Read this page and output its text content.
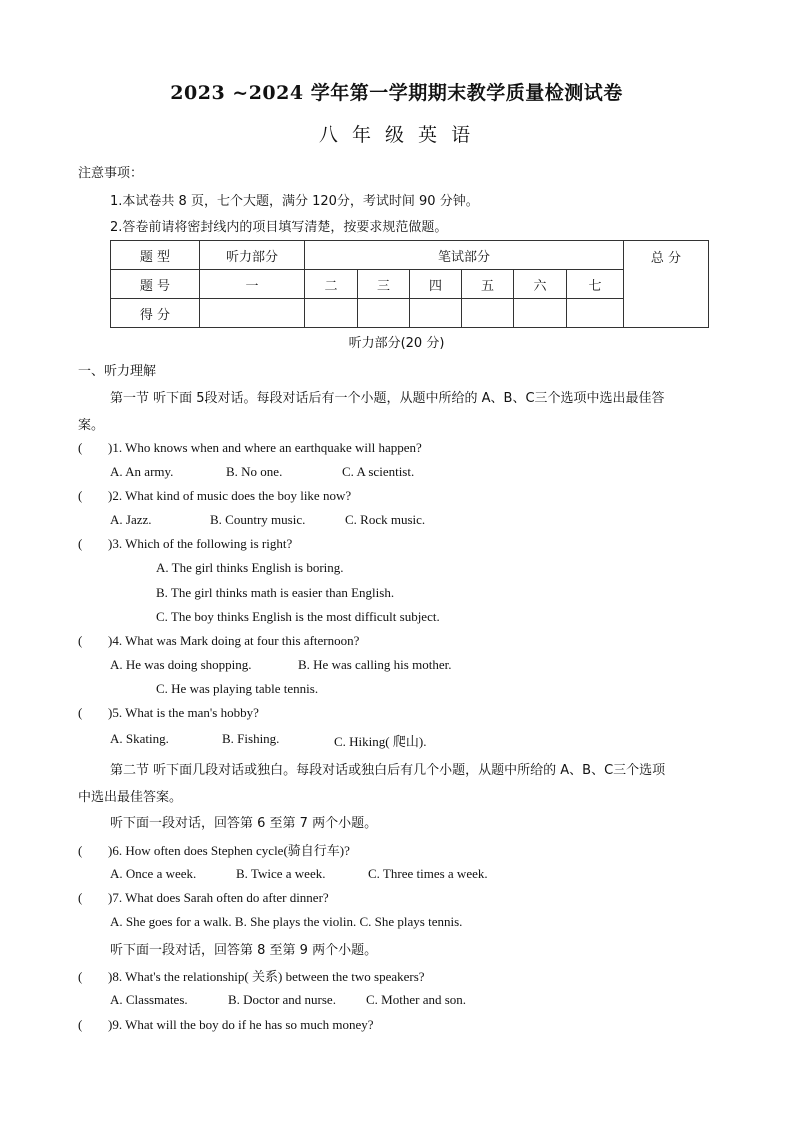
2023 ~2024 学年第一学期期末教学质量检测试卷
八 年 级 英 语
注意事项：
1.本试卷共 8 页，七个大题，满分 120分，考试时间 90 分钟。
2.答卷前请将密封线内的项目填写清楚，按要求规范做题。
题 型	听力部分	笔试部分						总 分
题 号	一	二	三	四	五	六	七	
得 分								
听力部分(20 分)
一、听力理解
第一节 听下面 5段对话。每段对话后有一个小题，从题中所给的 A、B、C三个选项中选出最佳答
案。
( )1. Who knows when and where an earthquake will happen?
A. An army.	B. No one.	C. A scientist.
( )2. What kind of music does the boy like now?
A. Jazz.	B. Country music.	C. Rock music.
( )3. Which of the following is right?
A. The girl thinks English is boring.
B. The girl thinks math is easier than English.
C. The boy thinks English is the most difficult subject.
( )4. What was Mark doing at four this afternoon?
A. He was doing shopping.	B. He was calling his mother.
C. He was playing table tennis.
( )5. What is the man's hobby?
A. Skating.	B. Fishing.	C. Hiking( 爬山).
第二节 听下面几段对话或独白。每段对话或独白后有几个小题，从题中所给的 A、B、C三个选项
中选出最佳答案。
听下面一段对话，回答第 6 至第 7 两个小题。
( )6. How often does Stephen cycle(骑自行车)?
A. Once a week.	B. Twice a week.	C. Three times a week.
( )7. What does Sarah often do after dinner?
A. She goes for a walk. B. She plays the violin. C. She plays tennis.
听下面一段对话，回答第 8 至第 9 两个小题。
( )8. What's the relationship( 关系) between the two speakers?
A. Classmates.	B. Doctor and nurse. C. Mother and son.
( )9. What will the boy do if he has so much money?
